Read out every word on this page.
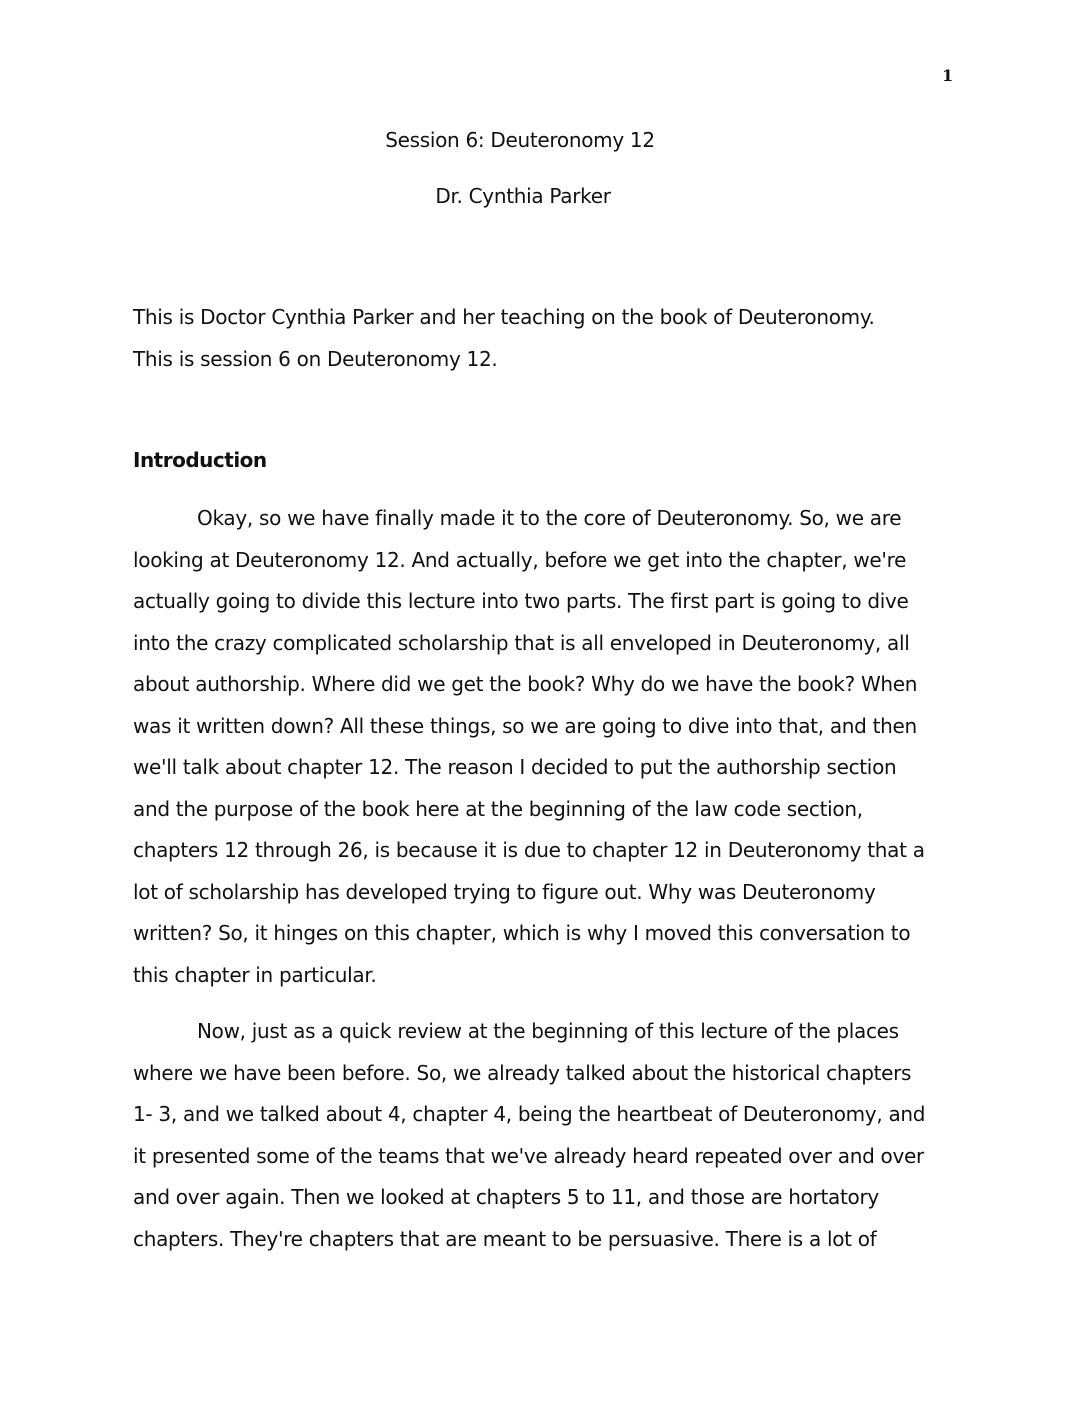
1
Session 6: Deuteronomy 12
Dr. Cynthia Parker
This is Doctor Cynthia Parker and her teaching on the book of Deuteronomy.
This is session 6 on Deuteronomy 12.
Introduction
Okay, so we have finally made it to the core of Deuteronomy. So, we are
looking at Deuteronomy 12. And actually, before we get into the chapter, we're
actually going to divide this lecture into two parts. The first part is going to dive
into the crazy complicated scholarship that is all enveloped in Deuteronomy, all
about authorship. Where did we get the book? Why do we have the book? When
was it written down? All these things, so we are going to dive into that, and then
we'll talk about chapter 12. The reason I decided to put the authorship section
and the purpose of the book here at the beginning of the law code section,
chapters 12 through 26, is because it is due to chapter 12 in Deuteronomy that a
lot of scholarship has developed trying to figure out. Why was Deuteronomy
written? So, it hinges on this chapter, which is why I moved this conversation to
this chapter in particular.
Now, just as a quick review at the beginning of this lecture of the places
where we have been before. So, we already talked about the historical chapters
1- 3, and we talked about 4, chapter 4, being the heartbeat of Deuteronomy, and
it presented some of the teams that we've already heard repeated over and over
and over again. Then we looked at chapters 5 to 11, and those are hortatory
chapters. They're chapters that are meant to be persuasive. There is a lot of
